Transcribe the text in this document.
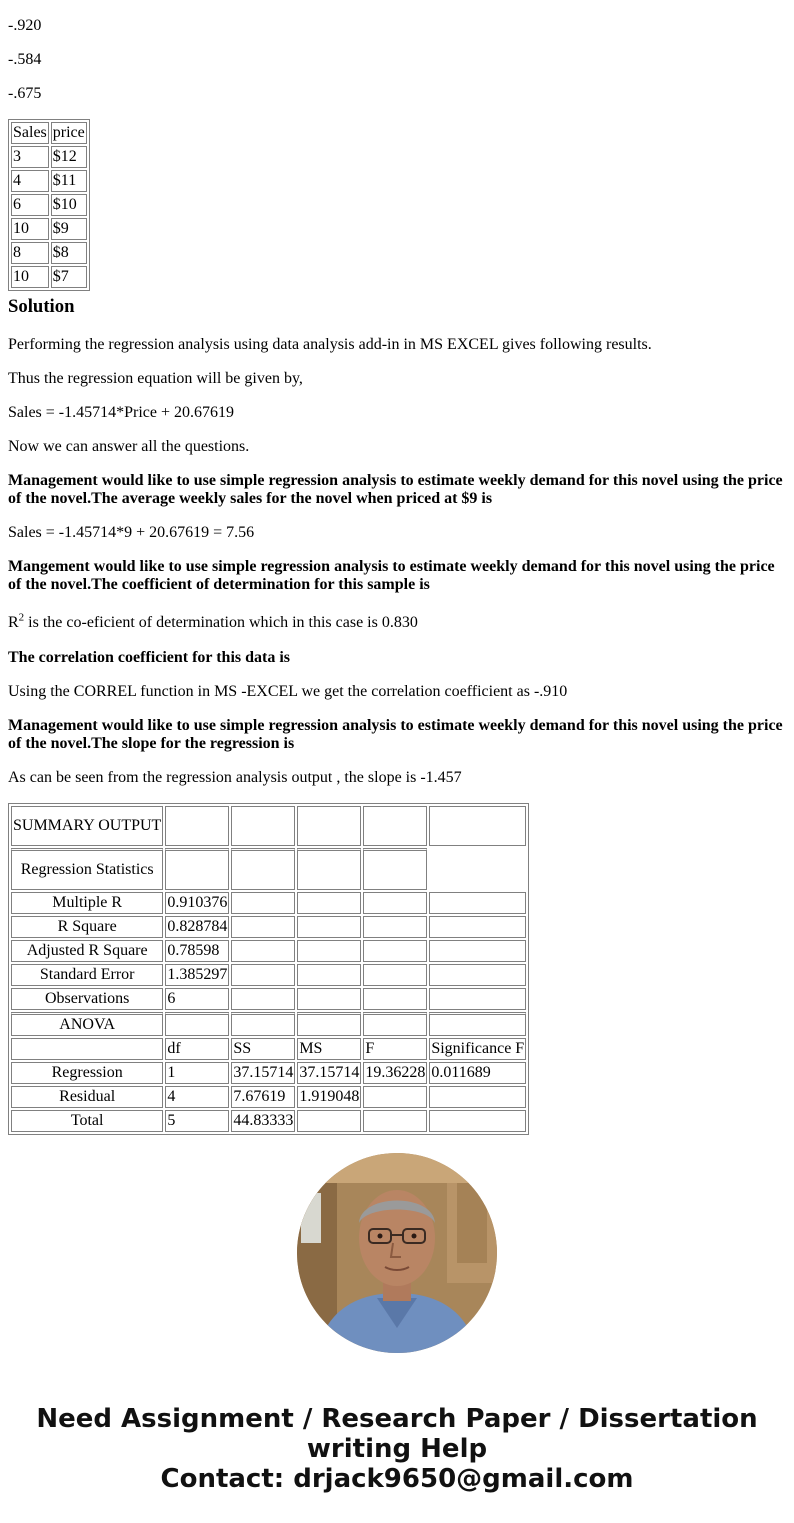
-.920

-.584

-.675

Sales	price
3	$12
4	$11
6	$10
10	$9
8	$8
10	$7
Solution

Performing the regression analysis using data analysis add-in in MS EXCEL gives following results.

Thus the regression equation will be given by,

Sales = -1.45714*Price + 20.67619

Now we can answer all the questions.

Management would like to use simple regression analysis to estimate weekly demand for this novel using the price of the novel.The average weekly sales for the novel when priced at $9 is

Sales = -1.45714*9 + 20.67619 = 7.56

Mangement would like to use simple regression analysis to estimate weekly demand for this novel using the price of the novel.The coefficient of determination for this sample is

$R^2$ is the co-eficient of determination which in this case is 0.830

The correlation coefficient for this data is

Using the CORREL function in MS -EXCEL we get the correlation coefficient as -.910

Management would like to use simple regression analysis to estimate weekly demand for this novel using the price of the novel.The slope for the regression is

As can be seen from the regression analysis output , the slope is -1.457

SUMMARY OUTPUT					
Regression Statistics					
Multiple R	0.910376				
R Square	0.828784				
Adjusted R Square	0.78598				
Standard Error	1.385297				
Observations	6				
ANOVA					
	df	SS	MS	F	Significance F
Regression	1	37.15714	37.15714	19.36228	0.011689
Residual	4	7.67619	1.919048		
Total	5	44.83333			
Need Assignment / Research Paper / Dissertation
writing Help
Contact: drjack9650@gmail.com
